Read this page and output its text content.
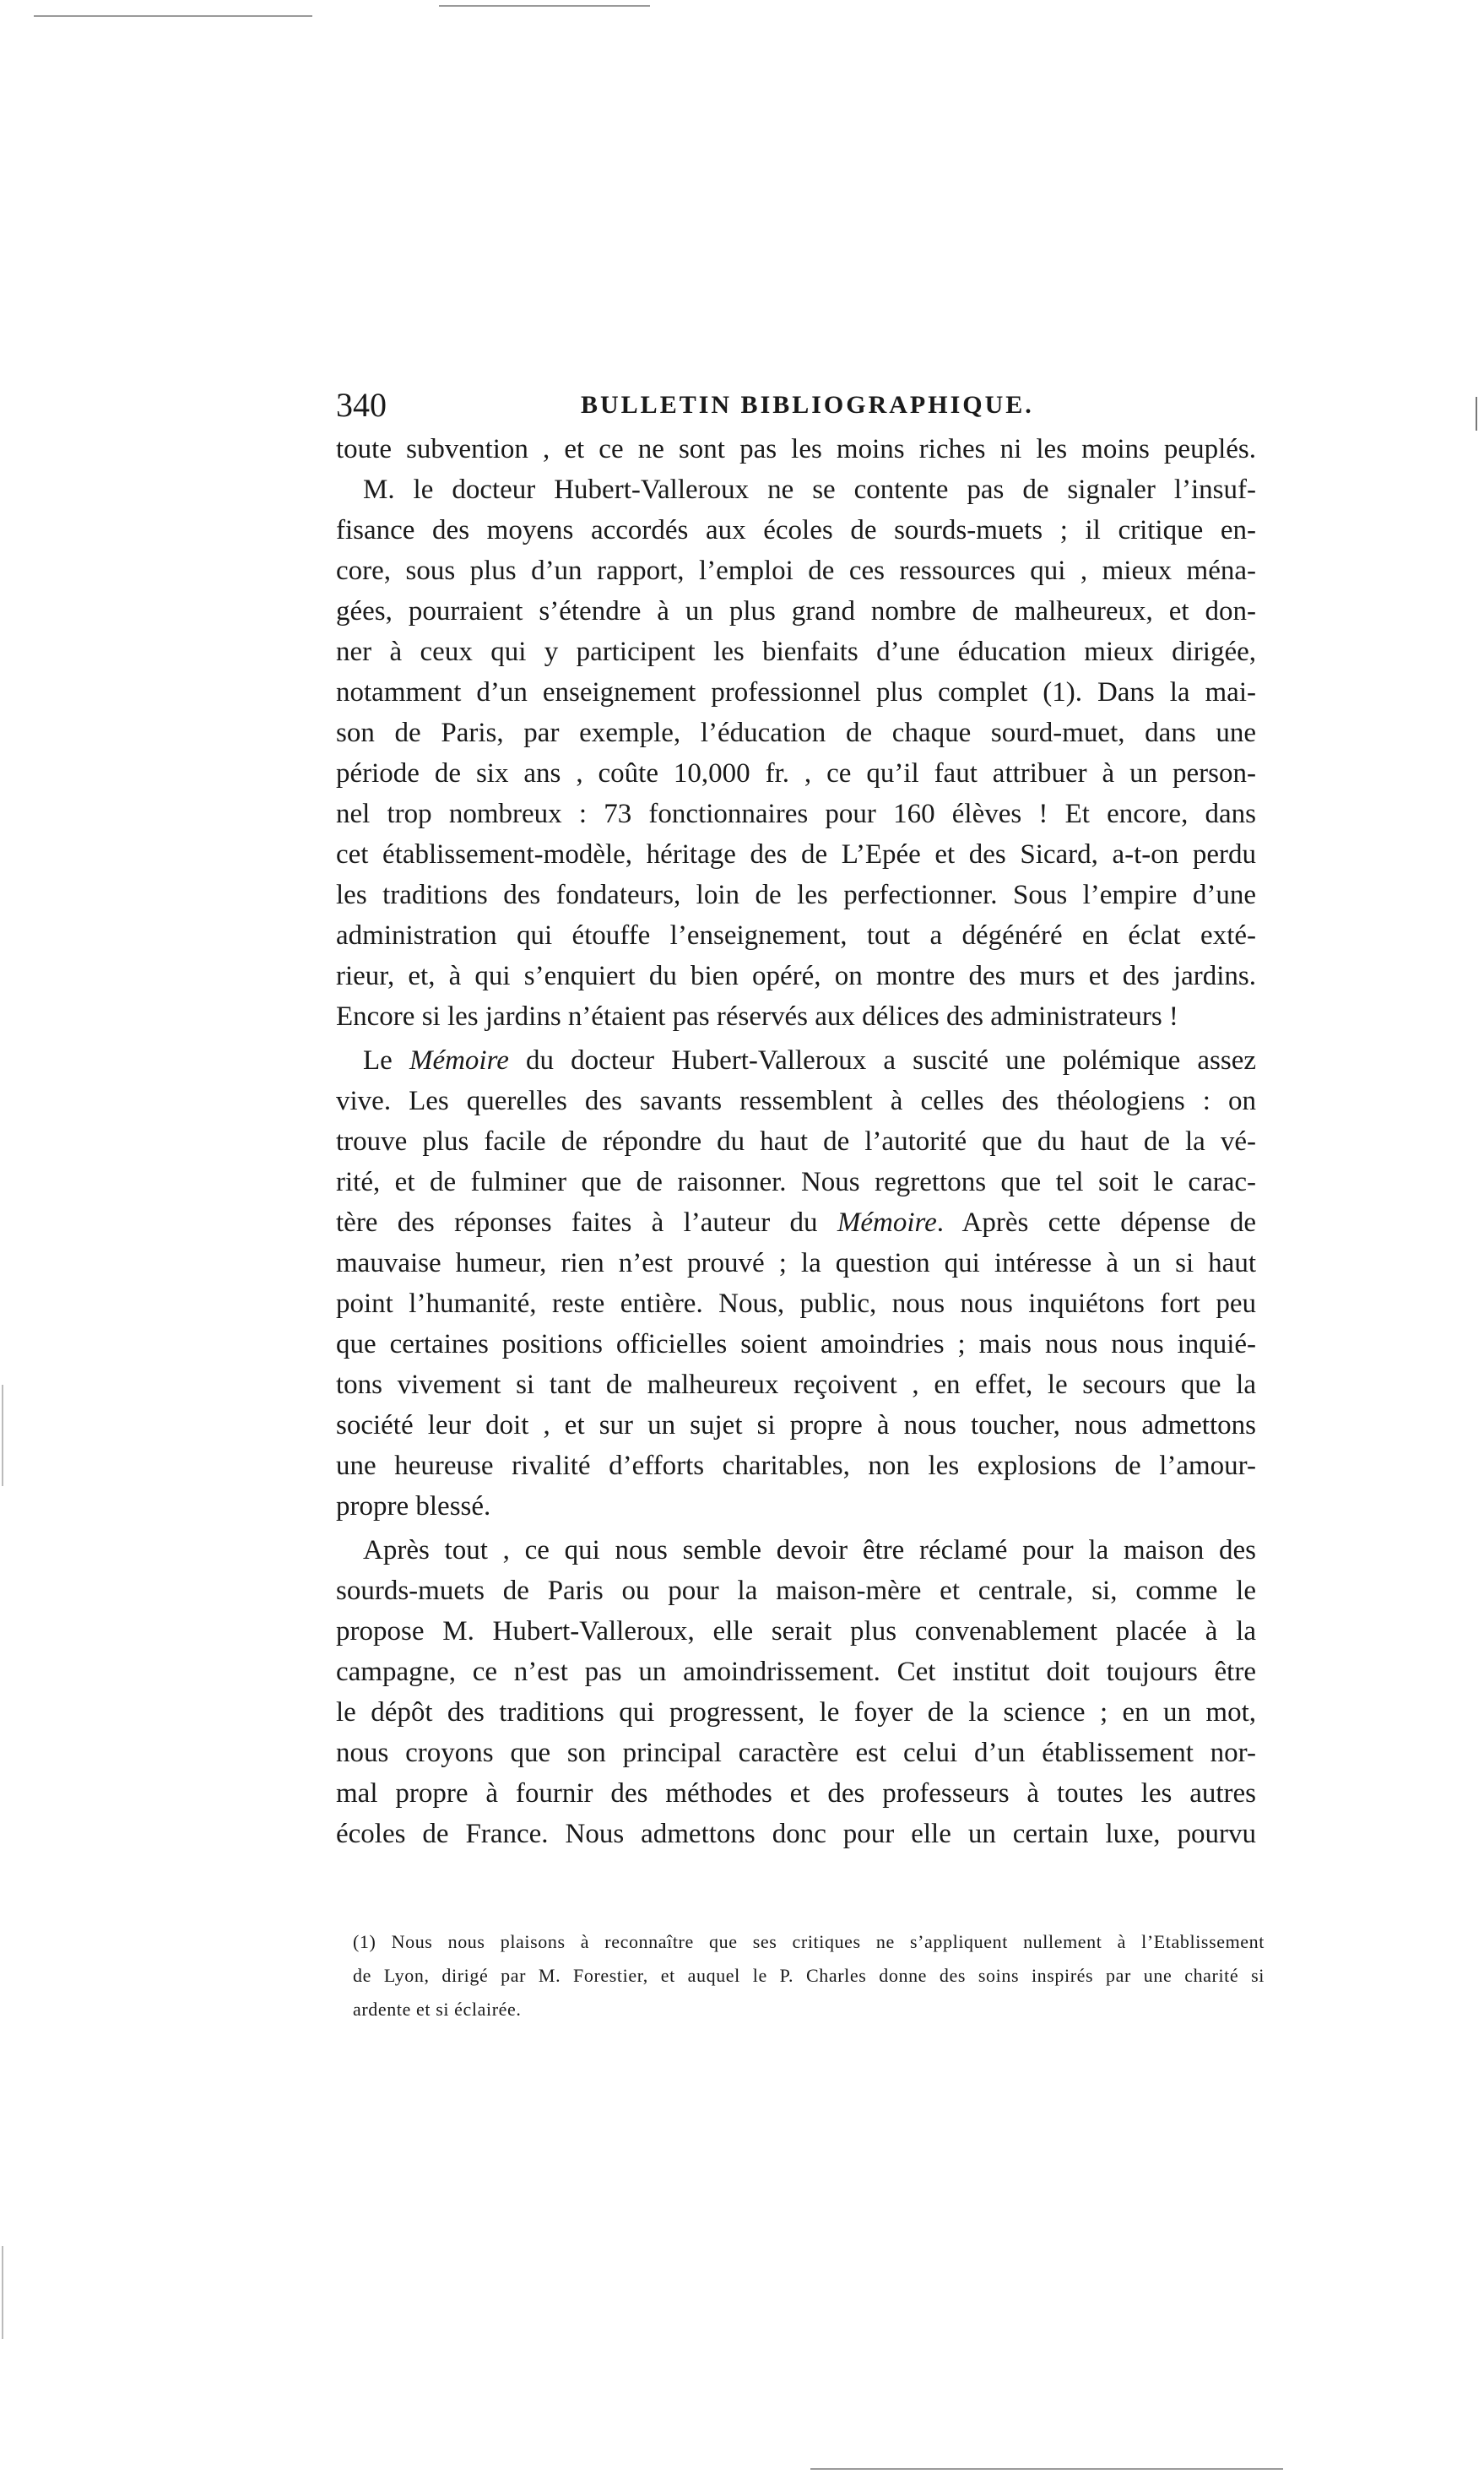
340	BULLETIN BIBLIOGRAPHIQUE.
toute subvention , et ce ne sont pas les moins riches ni les moins peuplés.
M. le docteur Hubert-Valleroux ne se contente pas de signaler l’insuf-
fisance des moyens accordés aux écoles de sourds-muets ; il critique en-
core, sous plus d’un rapport, l’emploi de ces ressources qui , mieux ména-
gées, pourraient s’étendre à un plus grand nombre de malheureux, et don-
ner à ceux qui y participent les bienfaits d’une éducation mieux dirigée,
notamment d’un enseignement professionnel plus complet (1). Dans la mai-
son de Paris, par exemple, l’éducation de chaque sourd-muet, dans une
période de six ans , coûte 10,000 fr. , ce qu’il faut attribuer à un person-
nel trop nombreux : 73 fonctionnaires pour 160 élèves ! Et encore, dans
cet établissement-modèle, héritage des de L’Epée et des Sicard, a-t-on perdu
les traditions des fondateurs, loin de les perfectionner. Sous l’empire d’une
administration qui étouffe l’enseignement, tout a dégénéré en éclat exté-
rieur, et, à qui s’enquiert du bien opéré, on montre des murs et des jardins.
Encore si les jardins n’étaient pas réservés aux délices des administrateurs !
Le Mémoire du docteur Hubert-Valleroux a suscité une polémique assez
vive. Les querelles des savants ressemblent à celles des théologiens : on
trouve plus facile de répondre du haut de l’autorité que du haut de la vé-
rité, et de fulminer que de raisonner. Nous regrettons que tel soit le carac-
tère des réponses faites à l’auteur du Mémoire. Après cette dépense de
mauvaise humeur, rien n’est prouvé ; la question qui intéresse à un si haut
point l’humanité, reste entière. Nous, public, nous nous inquiétons fort peu
que certaines positions officielles soient amoindries ; mais nous nous inquié-
tons vivement si tant de malheureux reçoivent , en effet, le secours que la
société leur doit , et sur un sujet si propre à nous toucher, nous admettons
une heureuse rivalité d’efforts charitables, non les explosions de l’amour-
propre blessé.
Après tout , ce qui nous semble devoir être réclamé pour la maison des
sourds-muets de Paris ou pour la maison-mère et centrale, si, comme le
propose M. Hubert-Valleroux, elle serait plus convenablement placée à la
campagne, ce n’est pas un amoindrissement. Cet institut doit toujours être
le dépôt des traditions qui progressent, le foyer de la science ; en un mot,
nous croyons que son principal caractère est celui d’un établissement nor-
mal propre à fournir des méthodes et des professeurs à toutes les autres
écoles de France. Nous admettons donc pour elle un certain luxe, pourvu
(1) Nous nous plaisons à reconnaître que ses critiques ne s’appliquent nullement à l’Etablissement
de Lyon, dirigé par M. Forestier, et auquel le P. Charles donne des soins inspirés par une charité si
ardente et si éclairée.
